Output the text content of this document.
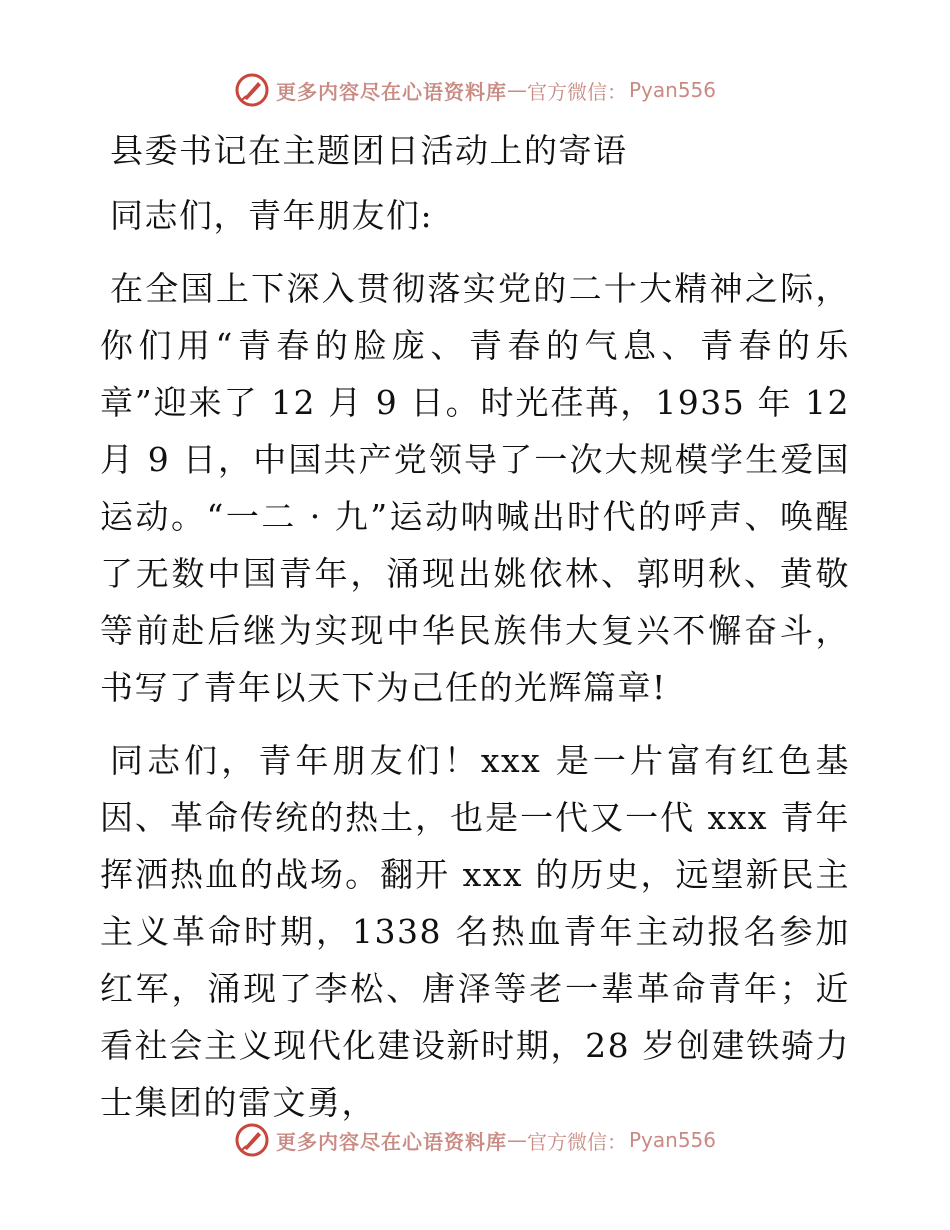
更多内容尽在心语资料库 — 官方微信： Pyan556

县委书记在主题团日活动上的寄语

同志们，青年朋友们:

在全国上下深入贯彻落实党的二十大精神之际，你们用“青春的脸庞、青春的气息、青春的乐章”迎来了 12 月 9 日。时光荏苒，1935 年 12 月 9 日，中国共产党领导了一次大规模学生爱国运动。“一二 · 九”运动呐喊出时代的呼声、唤醒了无数中国青年，涌现出姚依林、郭明秋、黄敬等前赴后继为实现中华民族伟大复兴不懈奋斗，书写了青年以天下为己任的光辉篇章!

同志们，青年朋友们！xxx 是一片富有红色基因、革命传统的热土，也是一代又一代 xxx 青年挥洒热血的战场。翻开 xxx 的历史，远望新民主主义革命时期，1338 名热血青年主动报名参加红军，涌现了李松、唐泽等老一辈革命青年；近看社会主义现代化建设新时期，28 岁创建铁骑力士集团的雷文勇，

更多内容尽在心语资料库 — 官方微信： Pyan556
